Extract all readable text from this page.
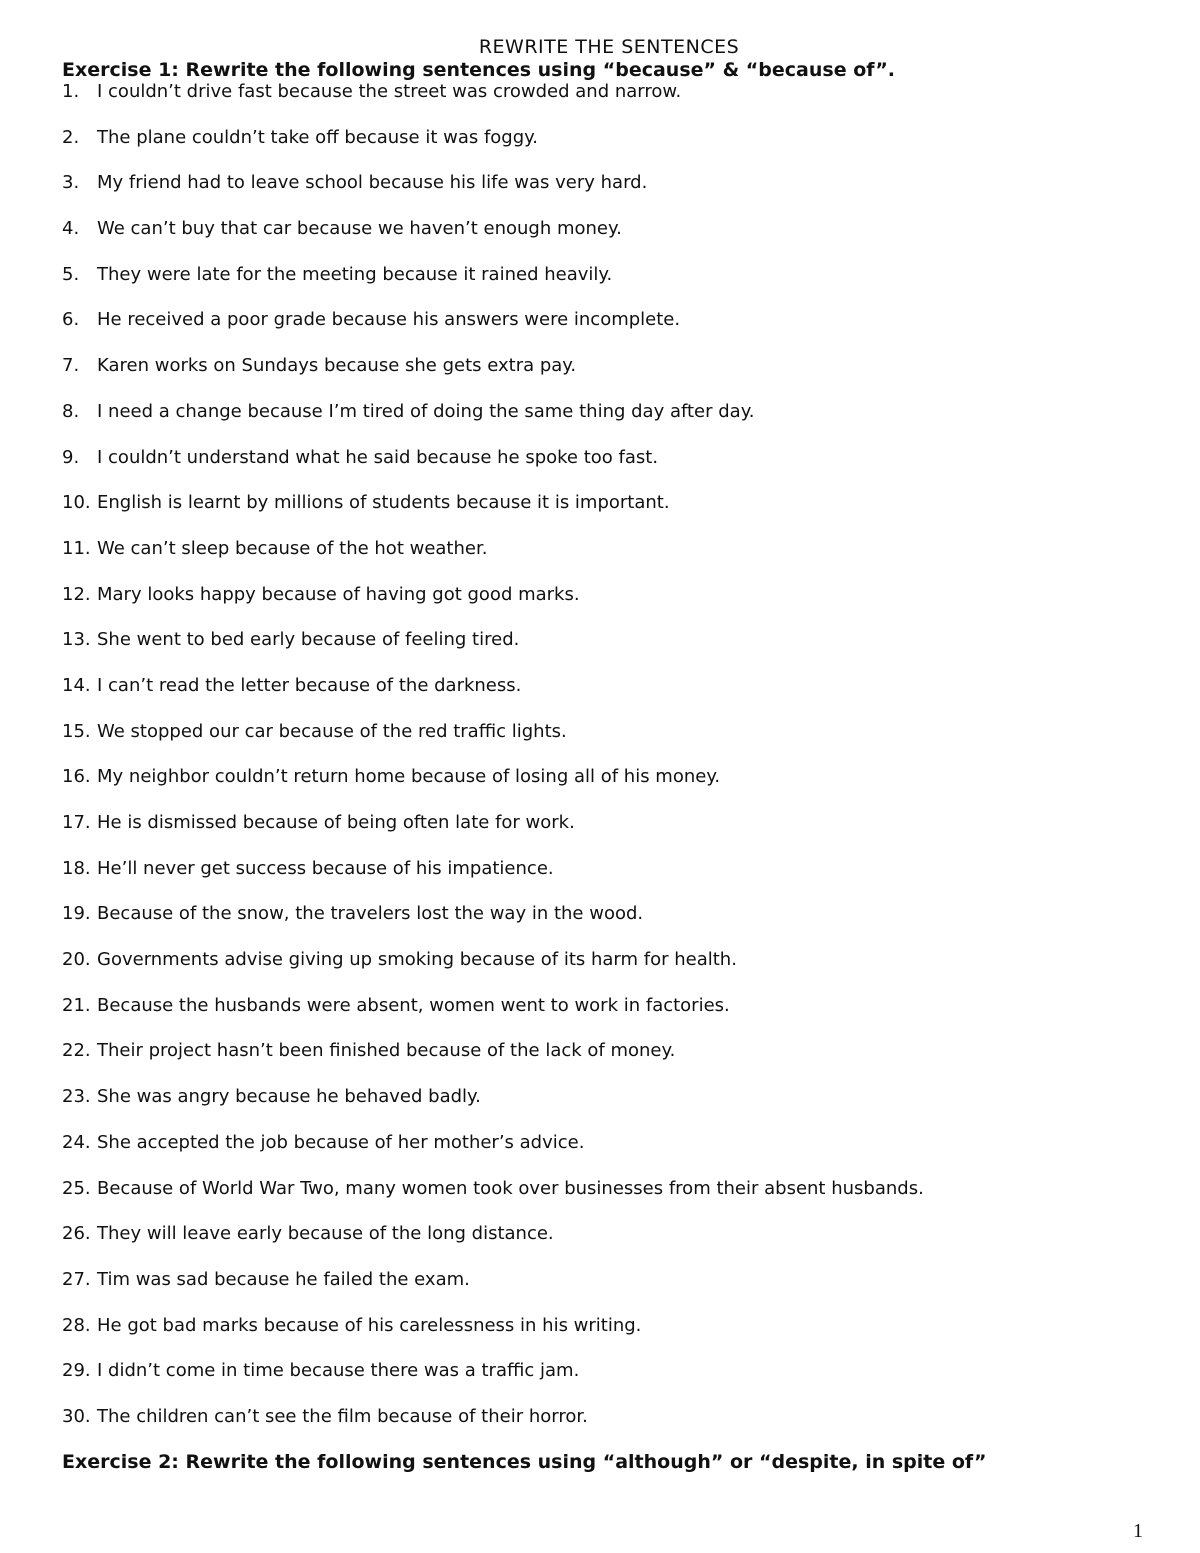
REWRITE THE SENTENCES
Exercise 1: Rewrite the following sentences using “because” & “because of”.
1. I couldn’t drive fast because the street was crowded and narrow.
2. The plane couldn’t take off because it was foggy.
3. My friend had to leave school because his life was very hard.
4. We can’t buy that car because we haven’t enough money.
5. They were late for the meeting because it rained heavily.
6. He received a poor grade because his answers were incomplete.
7. Karen works on Sundays because she gets extra pay.
8. I need a change because I’m tired of doing the same thing day after day.
9. I couldn’t understand what he said because he spoke too fast.
10. English is learnt by millions of students because it is important.
11. We can’t sleep because of the hot weather.
12. Mary looks happy because of having got good marks.
13. She went to bed early because of feeling tired.
14. I can’t read the letter because of the darkness.
15. We stopped our car because of the red traffic lights.
16. My neighbor couldn’t return home because of losing all of his money.
17. He is dismissed because of being often late for work.
18. He’ll never get success because of his impatience.
19. Because of the snow, the travelers lost the way in the wood.
20. Governments advise giving up smoking because of its harm for health.
21. Because the husbands were absent, women went to work in factories.
22. Their project hasn’t been finished because of the lack of money.
23. She was angry because he behaved badly.
24. She accepted the job because of her mother’s advice.
25. Because of World War Two, many women took over businesses from their absent husbands.
26. They will leave early because of the long distance.
27. Tim was sad because he failed the exam.
28. He got bad marks because of his carelessness in his writing.
29. I didn’t come in time because there was a traffic jam.
30. The children can’t see the film because of their horror.
Exercise 2: Rewrite the following sentences using “although” or “despite, in spite of”
1
